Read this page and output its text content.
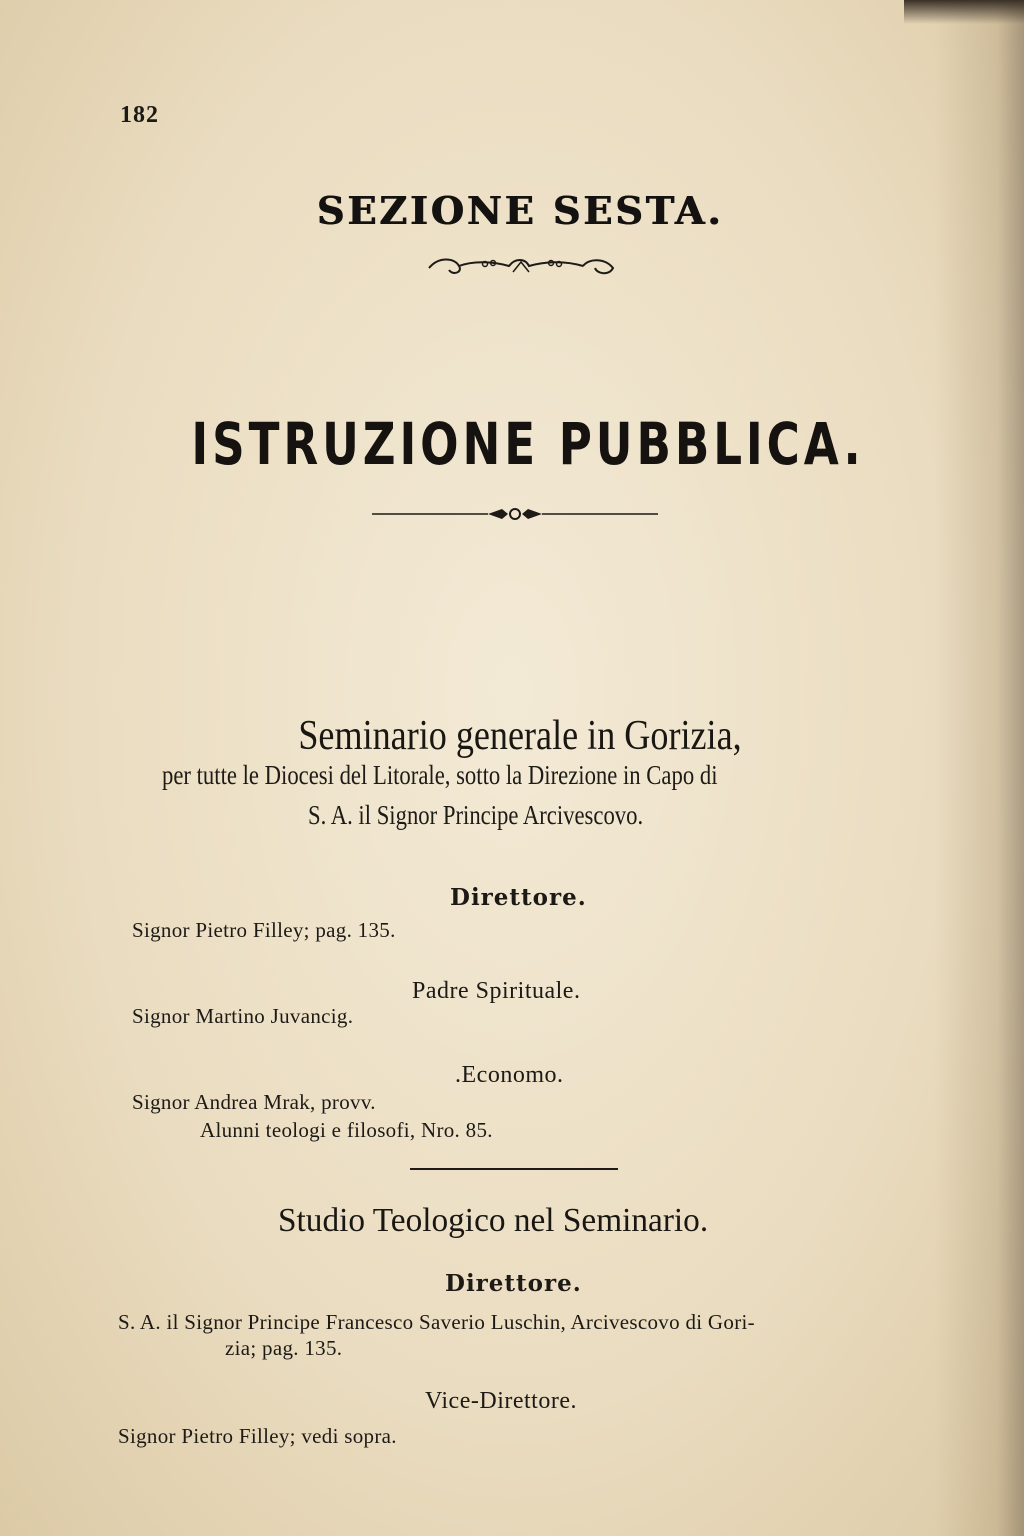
182
SEZIONE SESTA.
ISTRUZIONE PUBBLICA.
Seminario generale in Gorizia,
per tutte le Diocesi del Litorale, sotto la Direzione in Capo di
S. A. il Signor Principe Arcivescovo.
Direttore.
Signor Pietro Filley; pag. 135.
Padre Spirituale.
Signor Martino Juvancig.
.Economo.
Signor Andrea Mrak, provv.
Alunni teologi e filosofi, Nro. 85.
Studio Teologico nel Seminario.
Direttore.
S. A. il Signor Principe Francesco Saverio Luschin, Arcivescovo di Gori-
zia; pag. 135.
Vice-Direttore.
Signor Pietro Filley; vedi sopra.
